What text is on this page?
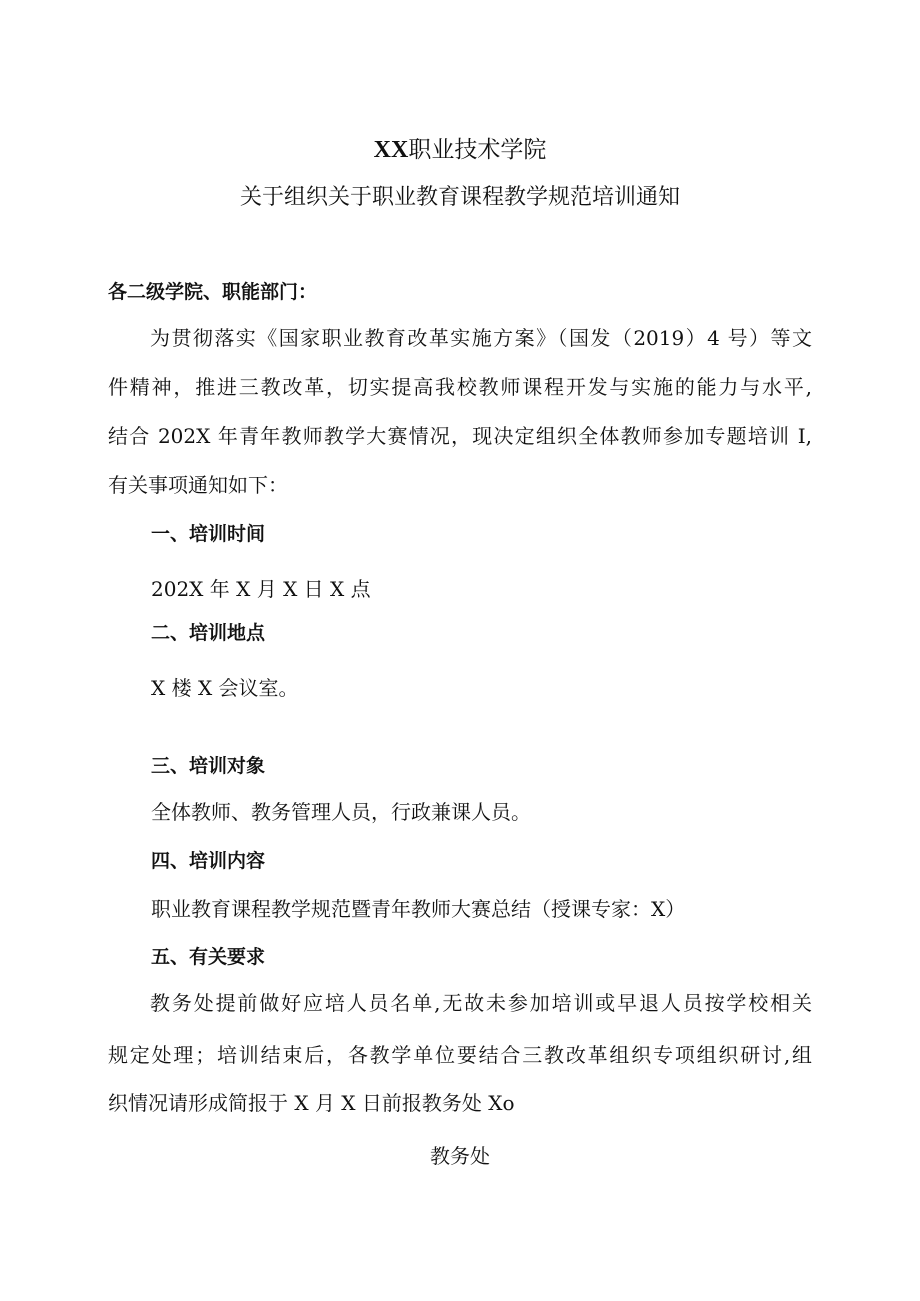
XX职业技术学院
关于组织关于职业教育课程教学规范培训通知
各二级学院、职能部门：
为贯彻落实《国家职业教育改革实施方案》（国发（2019）4 号）等文
件精神，推进三教改革，切实提高我校教师课程开发与实施的能力与水平,
结合 202X 年青年教师教学大赛情况，现决定组织全体教师参加专题培训 I,
有关事项通知如下：
一、培训时间
202X 年 X 月 X 日 X 点
二、培训地点
X 楼 X 会议室。
三、培训对象
全体教师、教务管理人员，行政兼课人员。
四、培训内容
职业教育课程教学规范暨青年教师大赛总结（授课专家：X）
五、有关要求
教务处提前做好应培人员名单,无故未参加培训或早退人员按学校相关
规定处理；培训结束后，各教学单位要结合三教改革组织专项组织研讨,组
织情况请形成简报于 X 月 X 日前报教务处 Xo
教务处
